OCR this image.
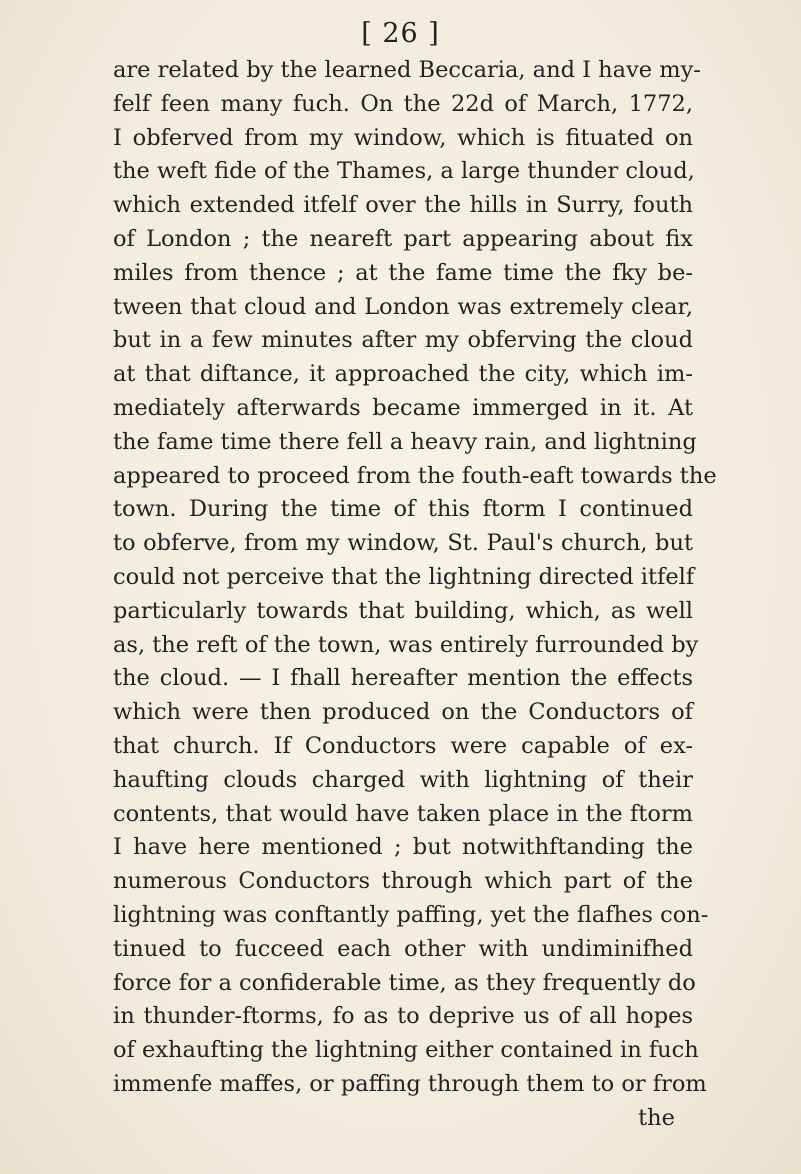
[ 26 ]
are related by the learned Beccaria, and I have my-
felf feen many fuch. On the 22d of March, 1772,
I obferved from my window, which is fituated on
the weft fide of the Thames, a large thunder cloud,
which extended itfelf over the hills in Surry, fouth
of London ; the neareft part appearing about fix
miles from thence ; at the fame time the fky be-
tween that cloud and London was extremely clear,
but in a few minutes after my obferving the cloud
at that diftance, it approached the city, which im-
mediately afterwards became immerged in it. At
the fame time there fell a heavy rain, and lightning
appeared to proceed from the fouth-eaft towards the
town. During the time of this ftorm I continued
to obferve, from my window, St. Paul's church, but
could not perceive that the lightning directed itfelf
particularly towards that building, which, as well
as, the reft of the town, was entirely furrounded by
the cloud. — I fhall hereafter mention the effects
which were then produced on the Conductors of
that church. If Conductors were capable of ex-
haufting clouds charged with lightning of their
contents, that would have taken place in the ftorm
I have here mentioned ; but notwithftanding the
numerous Conductors through which part of the
lightning was conftantly paffing, yet the flafhes con-
tinued to fucceed each other with undiminifhed
force for a confiderable time, as they frequently do
in thunder-ftorms, fo as to deprive us of all hopes
of exhaufting the lightning either contained in fuch
immenfe maffes, or paffing through them to or from
the
